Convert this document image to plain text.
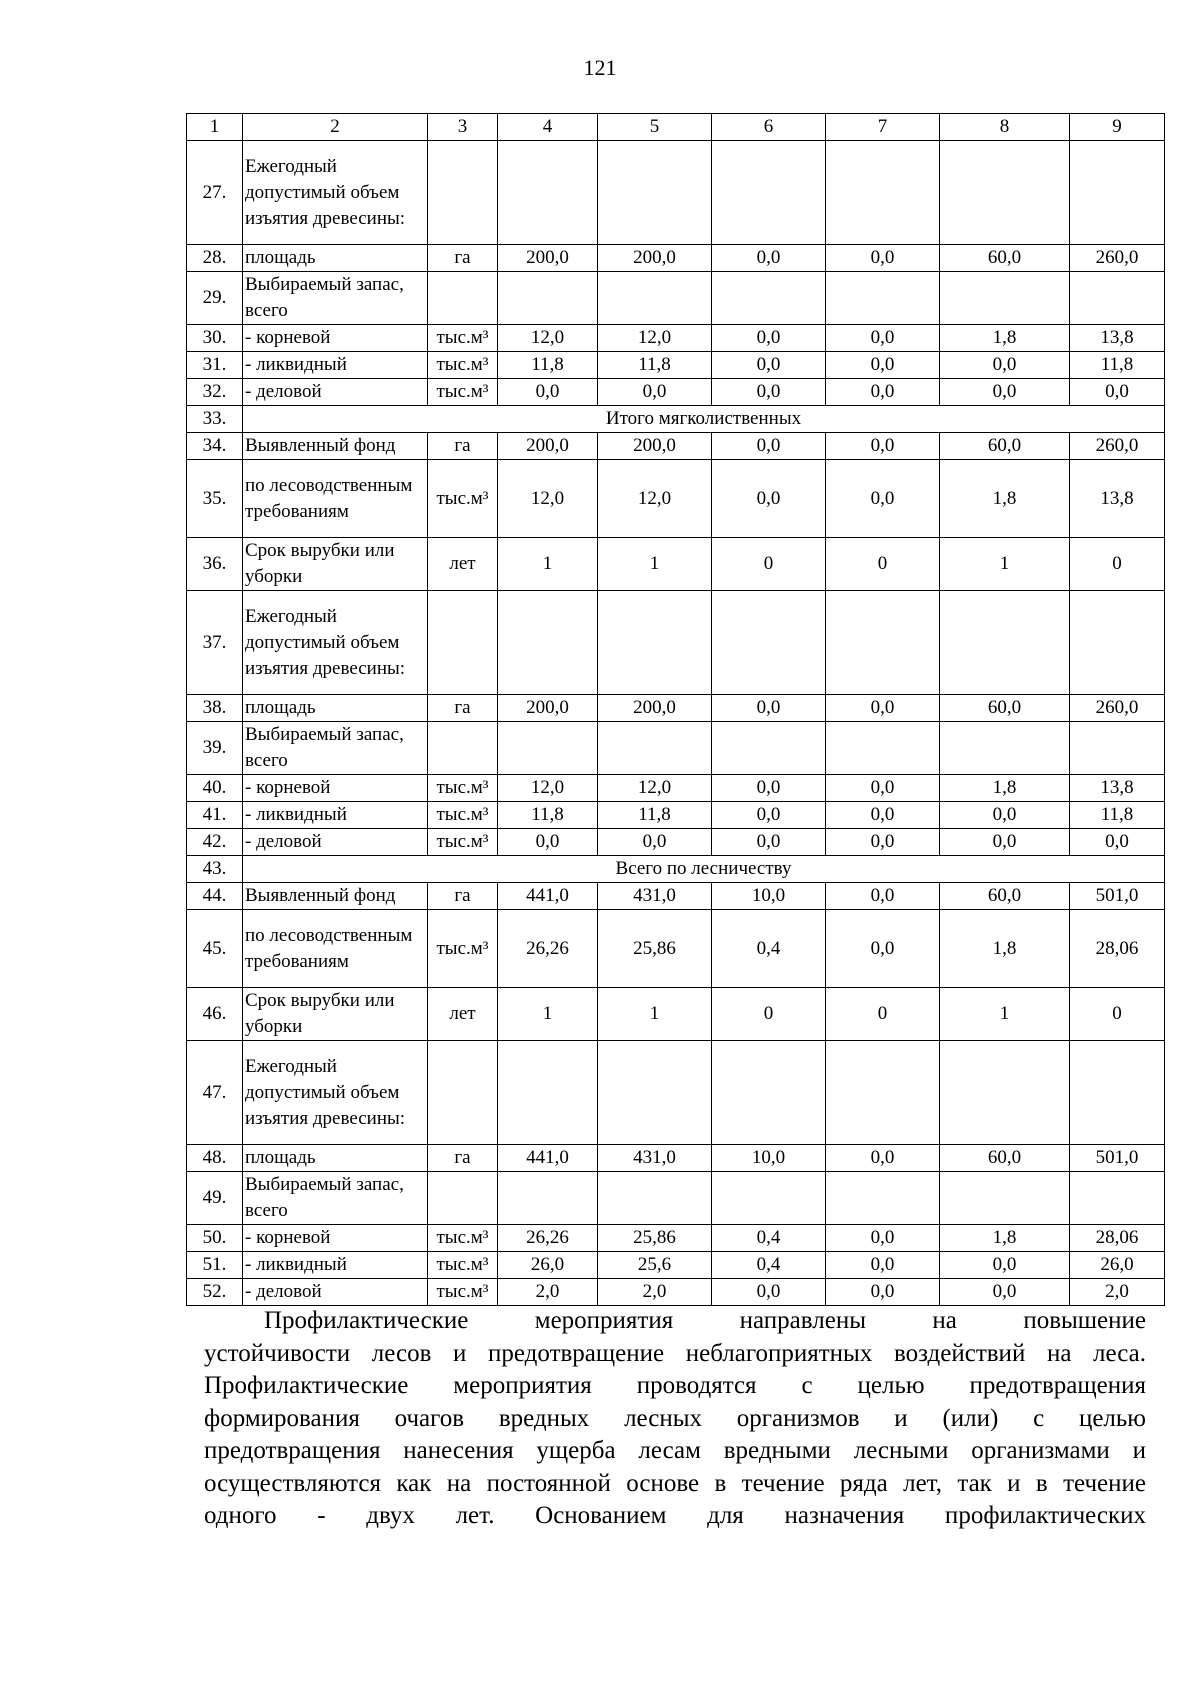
121
1	2	3	4	5	6	7	8	9
27.	Ежегодный допустимый объем изъятия древесины:							
28.	площадь	га	200,0	200,0	0,0	0,0	60,0	260,0
29.	Выбираемый запас, всего							
30.	- корневой	тыс.м³	12,0	12,0	0,0	0,0	1,8	13,8
31.	- ликвидный	тыс.м³	11,8	11,8	0,0	0,0	0,0	11,8
32.	- деловой	тыс.м³	0,0	0,0	0,0	0,0	0,0	0,0
33.	Итого мягколиственных							
34.	Выявленный фонд	га	200,0	200,0	0,0	0,0	60,0	260,0
35.	по лесоводственным требованиям	тыс.м³	12,0	12,0	0,0	0,0	1,8	13,8
36.	Срок вырубки или уборки	лет	1	1	0	0	1	0
37.	Ежегодный допустимый объем изъятия древесины:							
38.	площадь	га	200,0	200,0	0,0	0,0	60,0	260,0
39.	Выбираемый запас, всего							
40.	- корневой	тыс.м³	12,0	12,0	0,0	0,0	1,8	13,8
41.	- ликвидный	тыс.м³	11,8	11,8	0,0	0,0	0,0	11,8
42.	- деловой	тыс.м³	0,0	0,0	0,0	0,0	0,0	0,0
43.	Всего по лесничеству							
44.	Выявленный фонд	га	441,0	431,0	10,0	0,0	60,0	501,0
45.	по лесоводственным требованиям	тыс.м³	26,26	25,86	0,4	0,0	1,8	28,06
46.	Срок вырубки или уборки	лет	1	1	0	0	1	0
47.	Ежегодный допустимый объем изъятия древесины:							
48.	площадь	га	441,0	431,0	10,0	0,0	60,0	501,0
49.	Выбираемый запас, всего							
50.	- корневой	тыс.м³	26,26	25,86	0,4	0,0	1,8	28,06
51.	- ликвидный	тыс.м³	26,0	25,6	0,4	0,0	0,0	26,0
52.	- деловой	тыс.м³	2,0	2,0	0,0	0,0	0,0	2,0
Профилактические мероприятия направлены на повышение
устойчивости лесов и предотвращение неблагоприятных воздействий на леса.
Профилактические мероприятия проводятся с целью предотвращения
формирования очагов вредных лесных организмов и (или) с целью
предотвращения нанесения ущерба лесам вредными лесными организмами и
осуществляются как на постоянной основе в течение ряда лет, так и в течение
одного - двух лет. Основанием для назначения профилактических
